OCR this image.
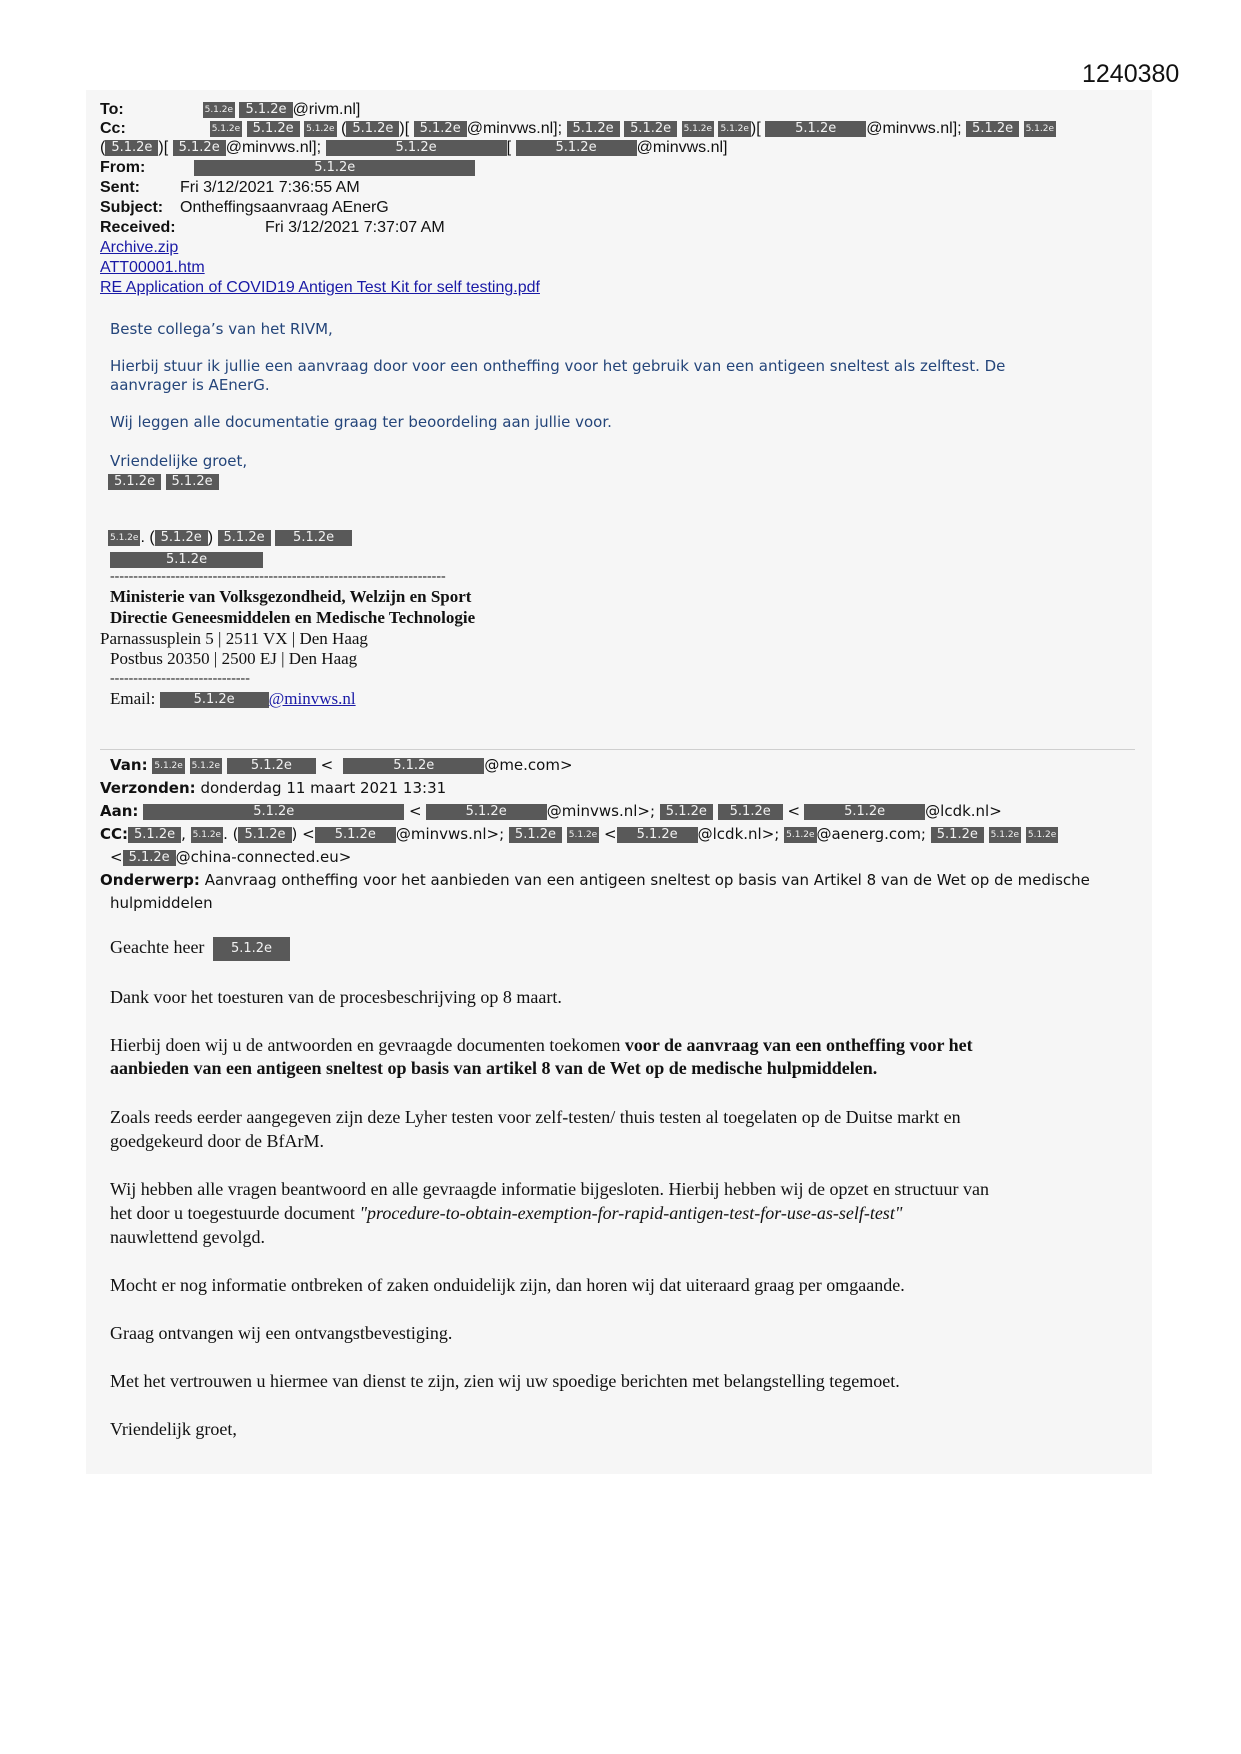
1240380
To:	5.1.2e 5.1.2e @rivm.nl]
Cc:	5.1.2e 5.1.2e 5.1.2e ( 5.1.2e )[ 5.1.2e @minvws.nl]; 5.1.2e 5.1.2e 5.1.2e 5.1.2e )[ 5.1.2e @minvws.nl]; 5.1.2e 5.1.2e
( 5.1.2e )[ 5.1.2e @minvws.nl];	5.1.2e	[	5.1.2e	@minvws.nl]
From:	5.1.2e
Sent:	Fri 3/12/2021 7:36:55 AM
Subject: Ontheffingsaanvraag AEnerG
Received:	Fri 3/12/2021 7:37:07 AM
Archive.zip
ATT00001.htm
RE Application of COVID19 Antigen Test Kit for self testing.pdf
Beste collega’s van het RIVM,
Hierbij stuur ik jullie een aanvraag door voor een ontheffing voor het gebruik van een antigeen sneltest als zelftest. De
aanvrager is AEnerG.
Wij leggen alle documentatie graag ter beoordeling aan jullie voor.
Vriendelijke groet,
5.1.2e 5.1.2e
5.1.2e . ( 5.1.2e ) 5.1.2e 5.1.2e
5.1.2e
------------------------------------------------------------------------
Ministerie van Volksgezondheid, Welzijn en Sport
Directie Geneesmiddelen en Medische Technologie
Parnassusplein 5 | 2511 VX | Den Haag
Postbus 20350 | 2500 EJ | Den Haag
------------------------------
Email:	5.1.2e @minvws.nl
Van: 5.1.2e 5.1.2e 5.1.2e <	5.1.2e	@me.com>
Verzonden: donderdag 11 maart 2021 13:31
Aan:	5.1.2e	<	5.1.2e	@minvws.nl>; 5.1.2e 5.1.2e <	5.1.2e	@lcdk.nl>
CC: 5.1.2e , 5.1.2e . ( 5.1.2e ) < 5.1.2e @minvws.nl>; 5.1.2e 5.1.2e < 5.1.2e @lcdk.nl>; 5.1.2e @aenerg.com; 5.1.2e 5.1.2e 5.1.2e
< 5.1.2e @china-connected.eu>
Onderwerp: Aanvraag ontheffing voor het aanbieden van een antigeen sneltest op basis van Artikel 8 van de Wet op de medische
hulpmiddelen
Geachte heer 5.1.2e
Dank voor het toesturen van de procesbeschrijving op 8 maart.
Hierbij doen wij u de antwoorden en gevraagde documenten toekomen voor de aanvraag van een ontheffing voor het
aanbieden van een antigeen sneltest op basis van artikel 8 van de Wet op de medische hulpmiddelen.
Zoals reeds eerder aangegeven zijn deze Lyher testen voor zelf-testen/ thuis testen al toegelaten op de Duitse markt en
goedgekeurd door de BfArM.
Wij hebben alle vragen beantwoord en alle gevraagde informatie bijgesloten. Hierbij hebben wij de opzet en structuur van
het door u toegestuurde document "procedure-to-obtain-exemption-for-rapid-antigen-test-for-use-as-self-test"
nauwlettend gevolgd.
Mocht er nog informatie ontbreken of zaken onduidelijk zijn, dan horen wij dat uiteraard graag per omgaande.
Graag ontvangen wij een ontvangstbevestiging.
Met het vertrouwen u hiermee van dienst te zijn, zien wij uw spoedige berichten met belangstelling tegemoet.
Vriendelijk groet,
